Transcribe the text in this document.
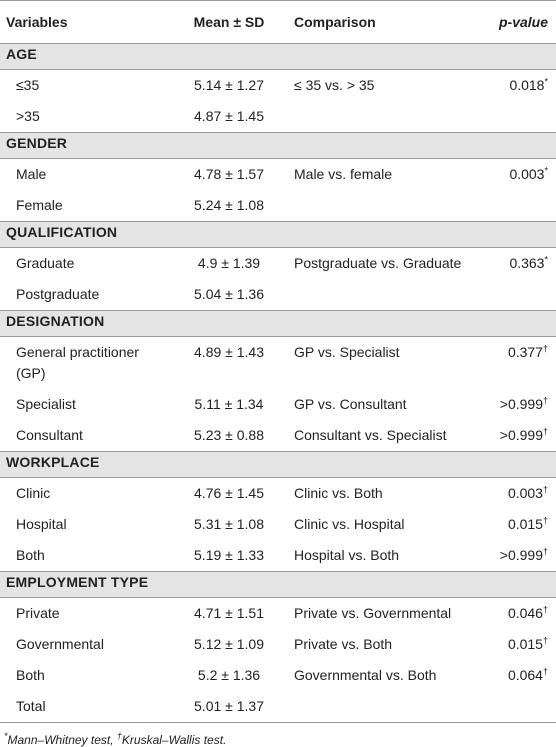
Variables	Mean ± SD	Comparison	p-value
AGE			
≤35	5.14 ± 1.27	≤ 35 vs. > 35	0.018*
>35	4.87 ± 1.45		
GENDER			
Male	4.78 ± 1.57	Male vs. female	0.003*
Female	5.24 ± 1.08		
QUALIFICATION			
Graduate	4.9 ± 1.39	Postgraduate vs. Graduate	0.363*
Postgraduate	5.04 ± 1.36		
DESIGNATION			
General practitioner (GP)	4.89 ± 1.43	GP vs. Specialist	0.377†
Specialist	5.11 ± 1.34	GP vs. Consultant	>0.999†
Consultant	5.23 ± 0.88	Consultant vs. Specialist	>0.999†
WORKPLACE			
Clinic	4.76 ± 1.45	Clinic vs. Both	0.003†
Hospital	5.31 ± 1.08	Clinic vs. Hospital	0.015†
Both	5.19 ± 1.33	Hospital vs. Both	>0.999†
EMPLOYMENT TYPE			
Private	4.71 ± 1.51	Private vs. Governmental	0.046†
Governmental	5.12 ± 1.09	Private vs. Both	0.015†
Both	5.2 ± 1.36	Governmental vs. Both	0.064†
Total	5.01 ± 1.37		
*Mann–Whitney test, †Kruskal–Wallis test.
